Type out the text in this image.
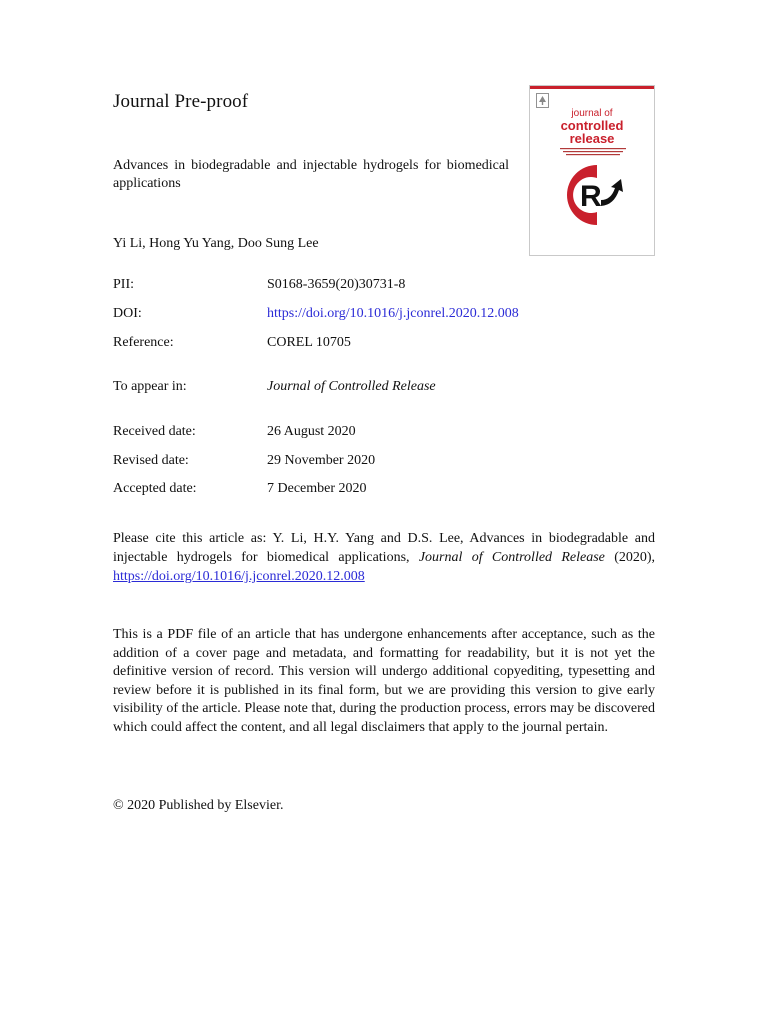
Journal Pre-proof
Advances in biodegradable and injectable hydrogels for biomedical applications
Yi Li, Hong Yu Yang, Doo Sung Lee
PII:	S0168-3659(20)30731-8
DOI:	https://doi.org/10.1016/j.jconrel.2020.12.008
Reference:	COREL 10705
To appear in:	Journal of Controlled Release
Received date:	26 August 2020
Revised date:	29 November 2020
Accepted date:	7 December 2020
Please cite this article as: Y. Li, H.Y. Yang and D.S. Lee, Advances in biodegradable and injectable hydrogels for biomedical applications, Journal of Controlled Release (2020), https://doi.org/10.1016/j.jconrel.2020.12.008
This is a PDF file of an article that has undergone enhancements after acceptance, such as the addition of a cover page and metadata, and formatting for readability, but it is not yet the definitive version of record. This version will undergo additional copyediting, typesetting and review before it is published in its final form, but we are providing this version to give early visibility of the article. Please note that, during the production process, errors may be discovered which could affect the content, and all legal disclaimers that apply to the journal pertain.
© 2020 Published by Elsevier.
journal of
controlled
release
R
